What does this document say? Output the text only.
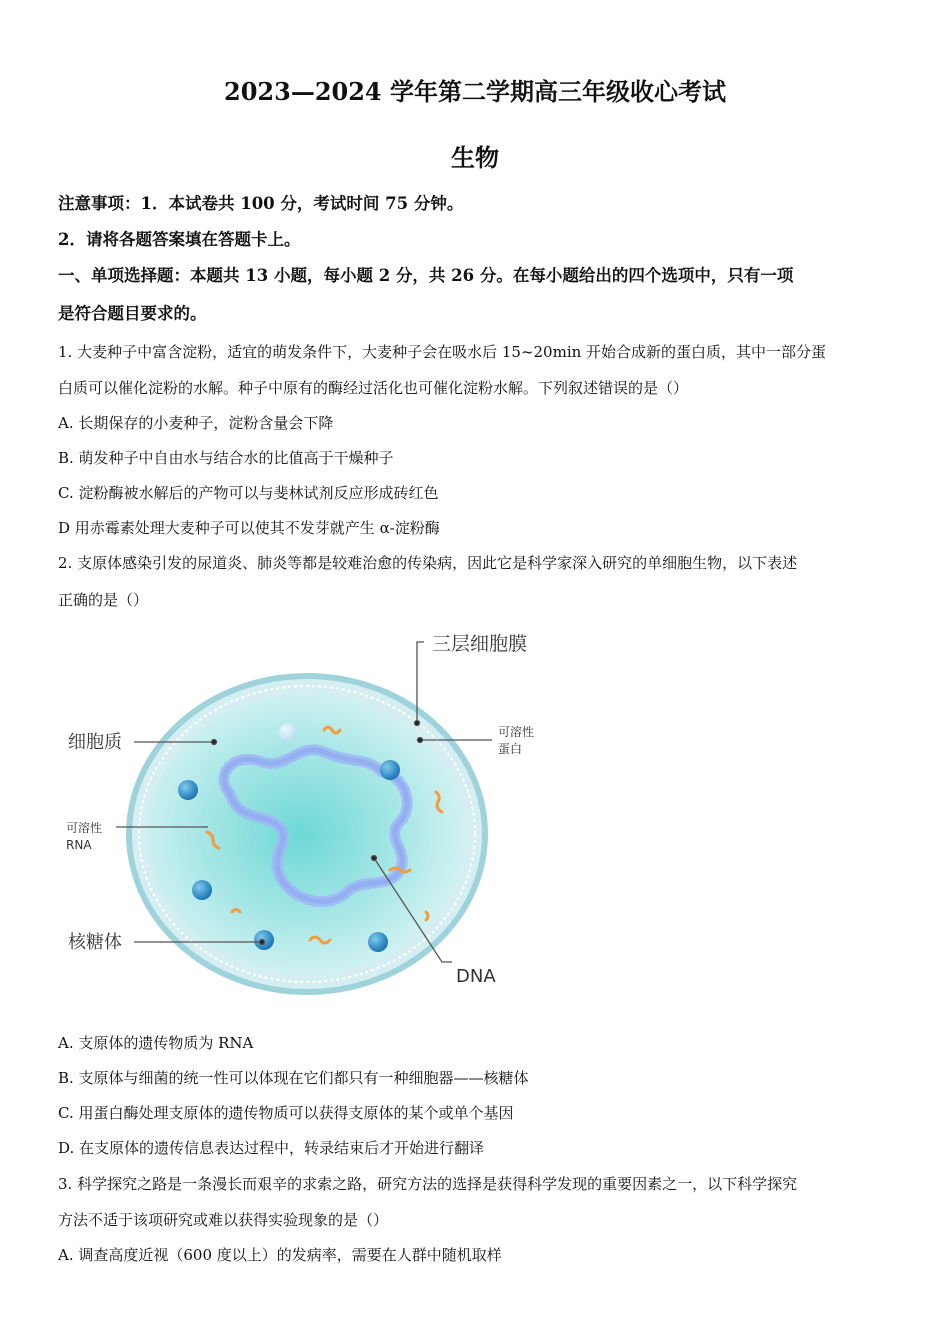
2023—2024 学年第二学期高三年级收心考试
生物
注意事项：1．本试卷共 100 分，考试时间 75 分钟。
2．请将各题答案填在答题卡上。
一、单项选择题：本题共 13 小题，每小题 2 分，共 26 分。在每小题给出的四个选项中，只有一项
是符合题目要求的。
1. 大麦种子中富含淀粉，适宜的萌发条件下，大麦种子会在吸水后 15~20min 开始合成新的蛋白质，其中一部分蛋
白质可以催化淀粉的水解。种子中原有的酶经过活化也可催化淀粉水解。下列叙述错误的是（）
A. 长期保存的小麦种子，淀粉含量会下降
B. 萌发种子中自由水与结合水的比值高于干燥种子
C. 淀粉酶被水解后的产物可以与斐林试剂反应形成砖红色
D 用赤霉素处理大麦种子可以使其不发芽就产生 α-淀粉酶
2. 支原体感染引发的尿道炎、肺炎等都是较难治愈的传染病，因此它是科学家深入研究的单细胞生物，以下表述
正确的是（）
三层细胞膜
细胞质	可溶性
蛋白
可溶性
RNA
核糖体
DNA
A. 支原体的遗传物质为 RNA
B. 支原体与细菌的统一性可以体现在它们都只有一种细胞器——核糖体
C. 用蛋白酶处理支原体的遗传物质可以获得支原体的某个或单个基因
D. 在支原体的遗传信息表达过程中，转录结束后才开始进行翻译
3. 科学探究之路是一条漫长而艰辛的求索之路，研究方法的选择是获得科学发现的重要因素之一，以下科学探究
方法不适于该项研究或难以获得实验现象的是（）
A. 调查高度近视（600 度以上）的发病率，需要在人群中随机取样
